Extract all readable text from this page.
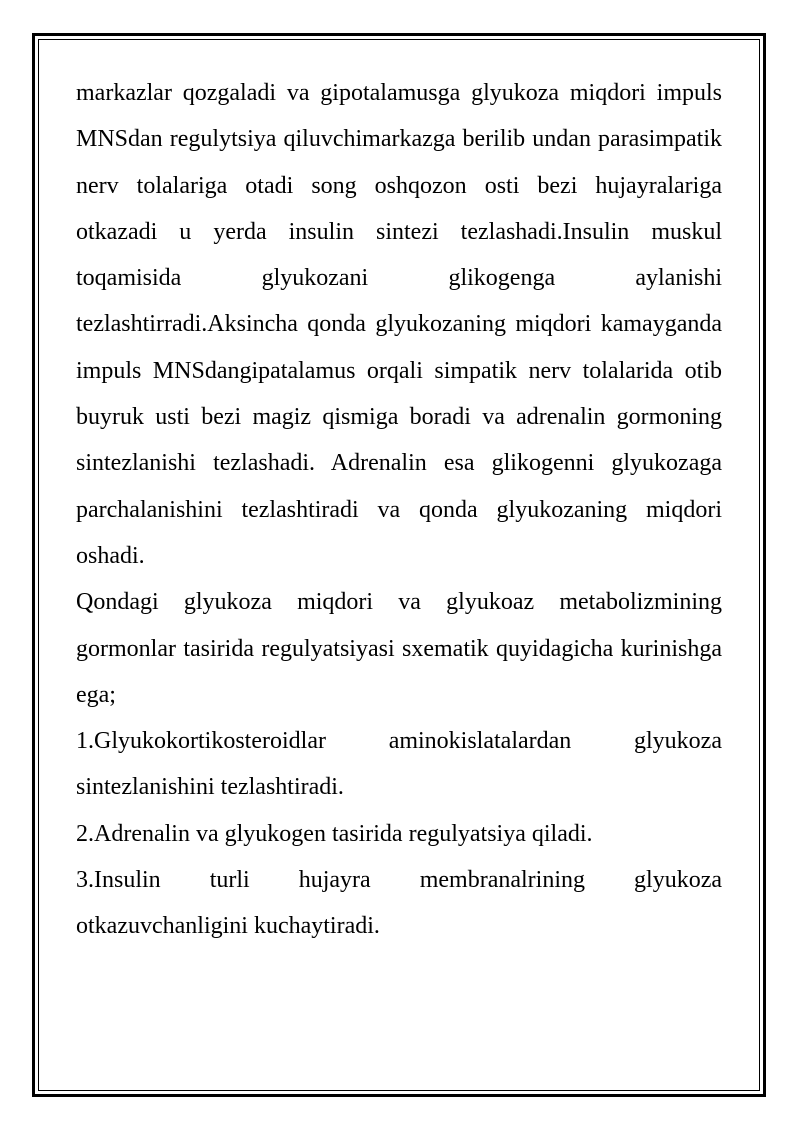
markazlar qozgaladi va gipotalamusga glyukoza miqdori impuls MNSdan regulytsiya qiluvchimarkazga berilib undan parasimpatik nerv tolalariga otadi song oshqozon osti bezi hujayralariga otkazadi u yerda insulin sintezi tezlashadi.Insulin muskul toqamisida glyukozani glikogenga aylanishi tezlashtirradi.Aksincha qonda glyukozaning miqdori kamayganda impuls MNSdangipatalamus orqali simpatik nerv tolalarida otib buyruk usti bezi magiz qismiga boradi va adrenalin gormoning sintezlanishi tezlashadi. Adrenalin esa glikogenni glyukozaga parchalanishini tezlashtiradi va qonda glyukozaning miqdori oshadi.

Qondagi glyukoza miqdori va glyukoaz metabolizmining gormonlar tasirida regulyatsiyasi sxematik quyidagicha kurinishga ega;

1.Glyukokortikosteroidlar aminokislatalardan glyukoza sintezlanishini tezlashtiradi.

2.Adrenalin va glyukogen tasirida regulyatsiya qiladi.

3.Insulin turli hujayra membranalrining glyukoza otkazuvchanligini kuchaytiradi.
